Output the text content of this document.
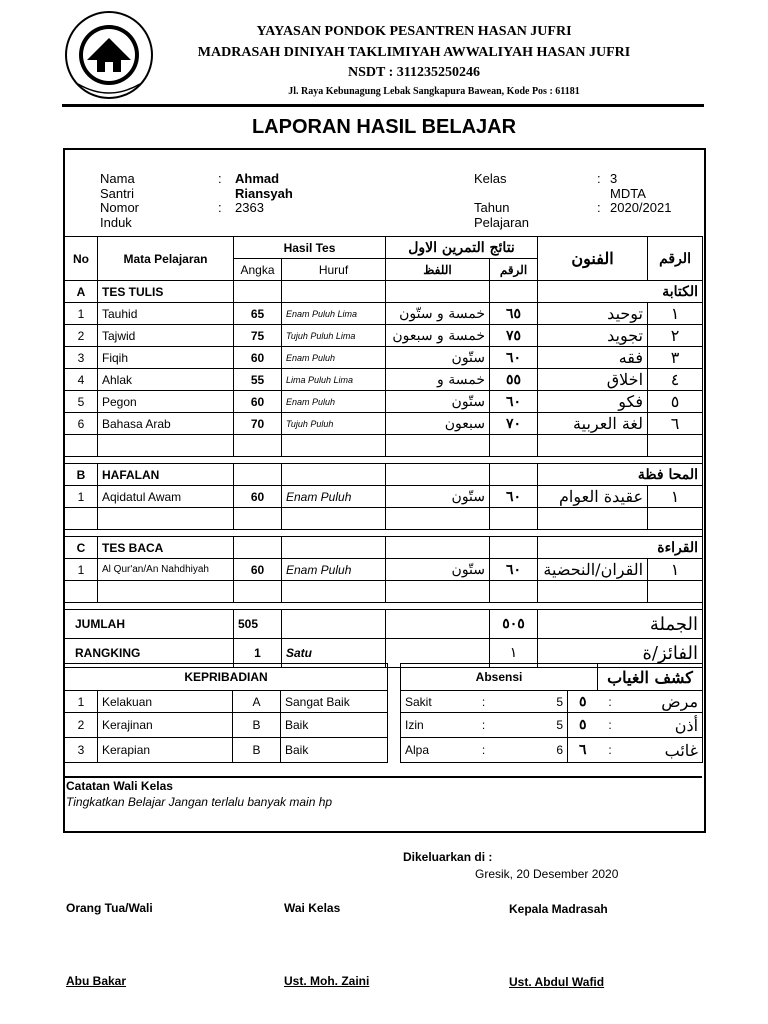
YAYASAN PONDOK PESANTREN HASAN JUFRI
MADRASAH DINIYAH TAKLIMIYAH AWWALIYAH HASAN JUFRI
NSDT : 311235250246
Jl. Raya Kebunagung Lebak Sangkapura Bawean, Kode Pos : 61181
LAPORAN HASIL BELAJAR
Nama Santri
: Ahmad Riansyah
Nomor Induk
: 2363
Kelas	: 3 MDTA
Tahun Pelajaran
: 2020/2021
No	Mata Pelajaran	Hasil Tes		نتائج التمرين الاول		الفنون	الرقم
		Angka	Huruf	اللفظ	الرقم		
A	TES TULIS					الكتابة	
1	Tauhid	65	Enam Puluh Lima	خمسة و ستّون	٦٥	توحيد	١
2	Tajwid	75	Tujuh Puluh Lima	خمسة و سبعون	٧٥	تجويد	٢
3	Fiqih	60	Enam Puluh	ستّون	٦٠	فقه	٣
4	Ahlak	55	Lima Puluh Lima	خمسة و	٥٥	اخلاق	٤
5	Pegon	60	Enam Puluh	ستّون	٦٠	فكو	٥
6	Bahasa Arab	70	Tujuh Puluh	سبعون	٧٠	لغة العربية	٦

B	HAFALAN					المحا فظة	
1	Aqidatul Awam	60	Enam Puluh	ستّون	٦٠	عقيدة العوام	١

C	TES BACA					القراءة	
1	Al Qur'an/An Nahdhiyah	60	Enam Puluh	ستّون	٦٠	القران/النحضية	١

JUMLAH		505			٥٠٥	الجملة	
RANGKING		1	Satu		١	الفائز/ة	
KEPRIBADIAN			
1	Kelakuan	A	Sangat Baik
2	Kerajinan	B	Baik
3	Kerapian	B	Baik
Absensi				كشف الغياب	
Sakit	:	5	٥	:	مرض
Izin	:	5	٥	:	أذن
Alpa	:	6	٦	:	غائب
Catatan Wali Kelas
Tingkatkan Belajar Jangan terlalu banyak main hp
Dikeluarkan di :
Gresik, 20 Desember 2020
Orang Tua/Wali	Wai Kelas	Kepala Madrasah
Abu Bakar	Ust. Moh. Zaini	Ust. Abdul Wafid
